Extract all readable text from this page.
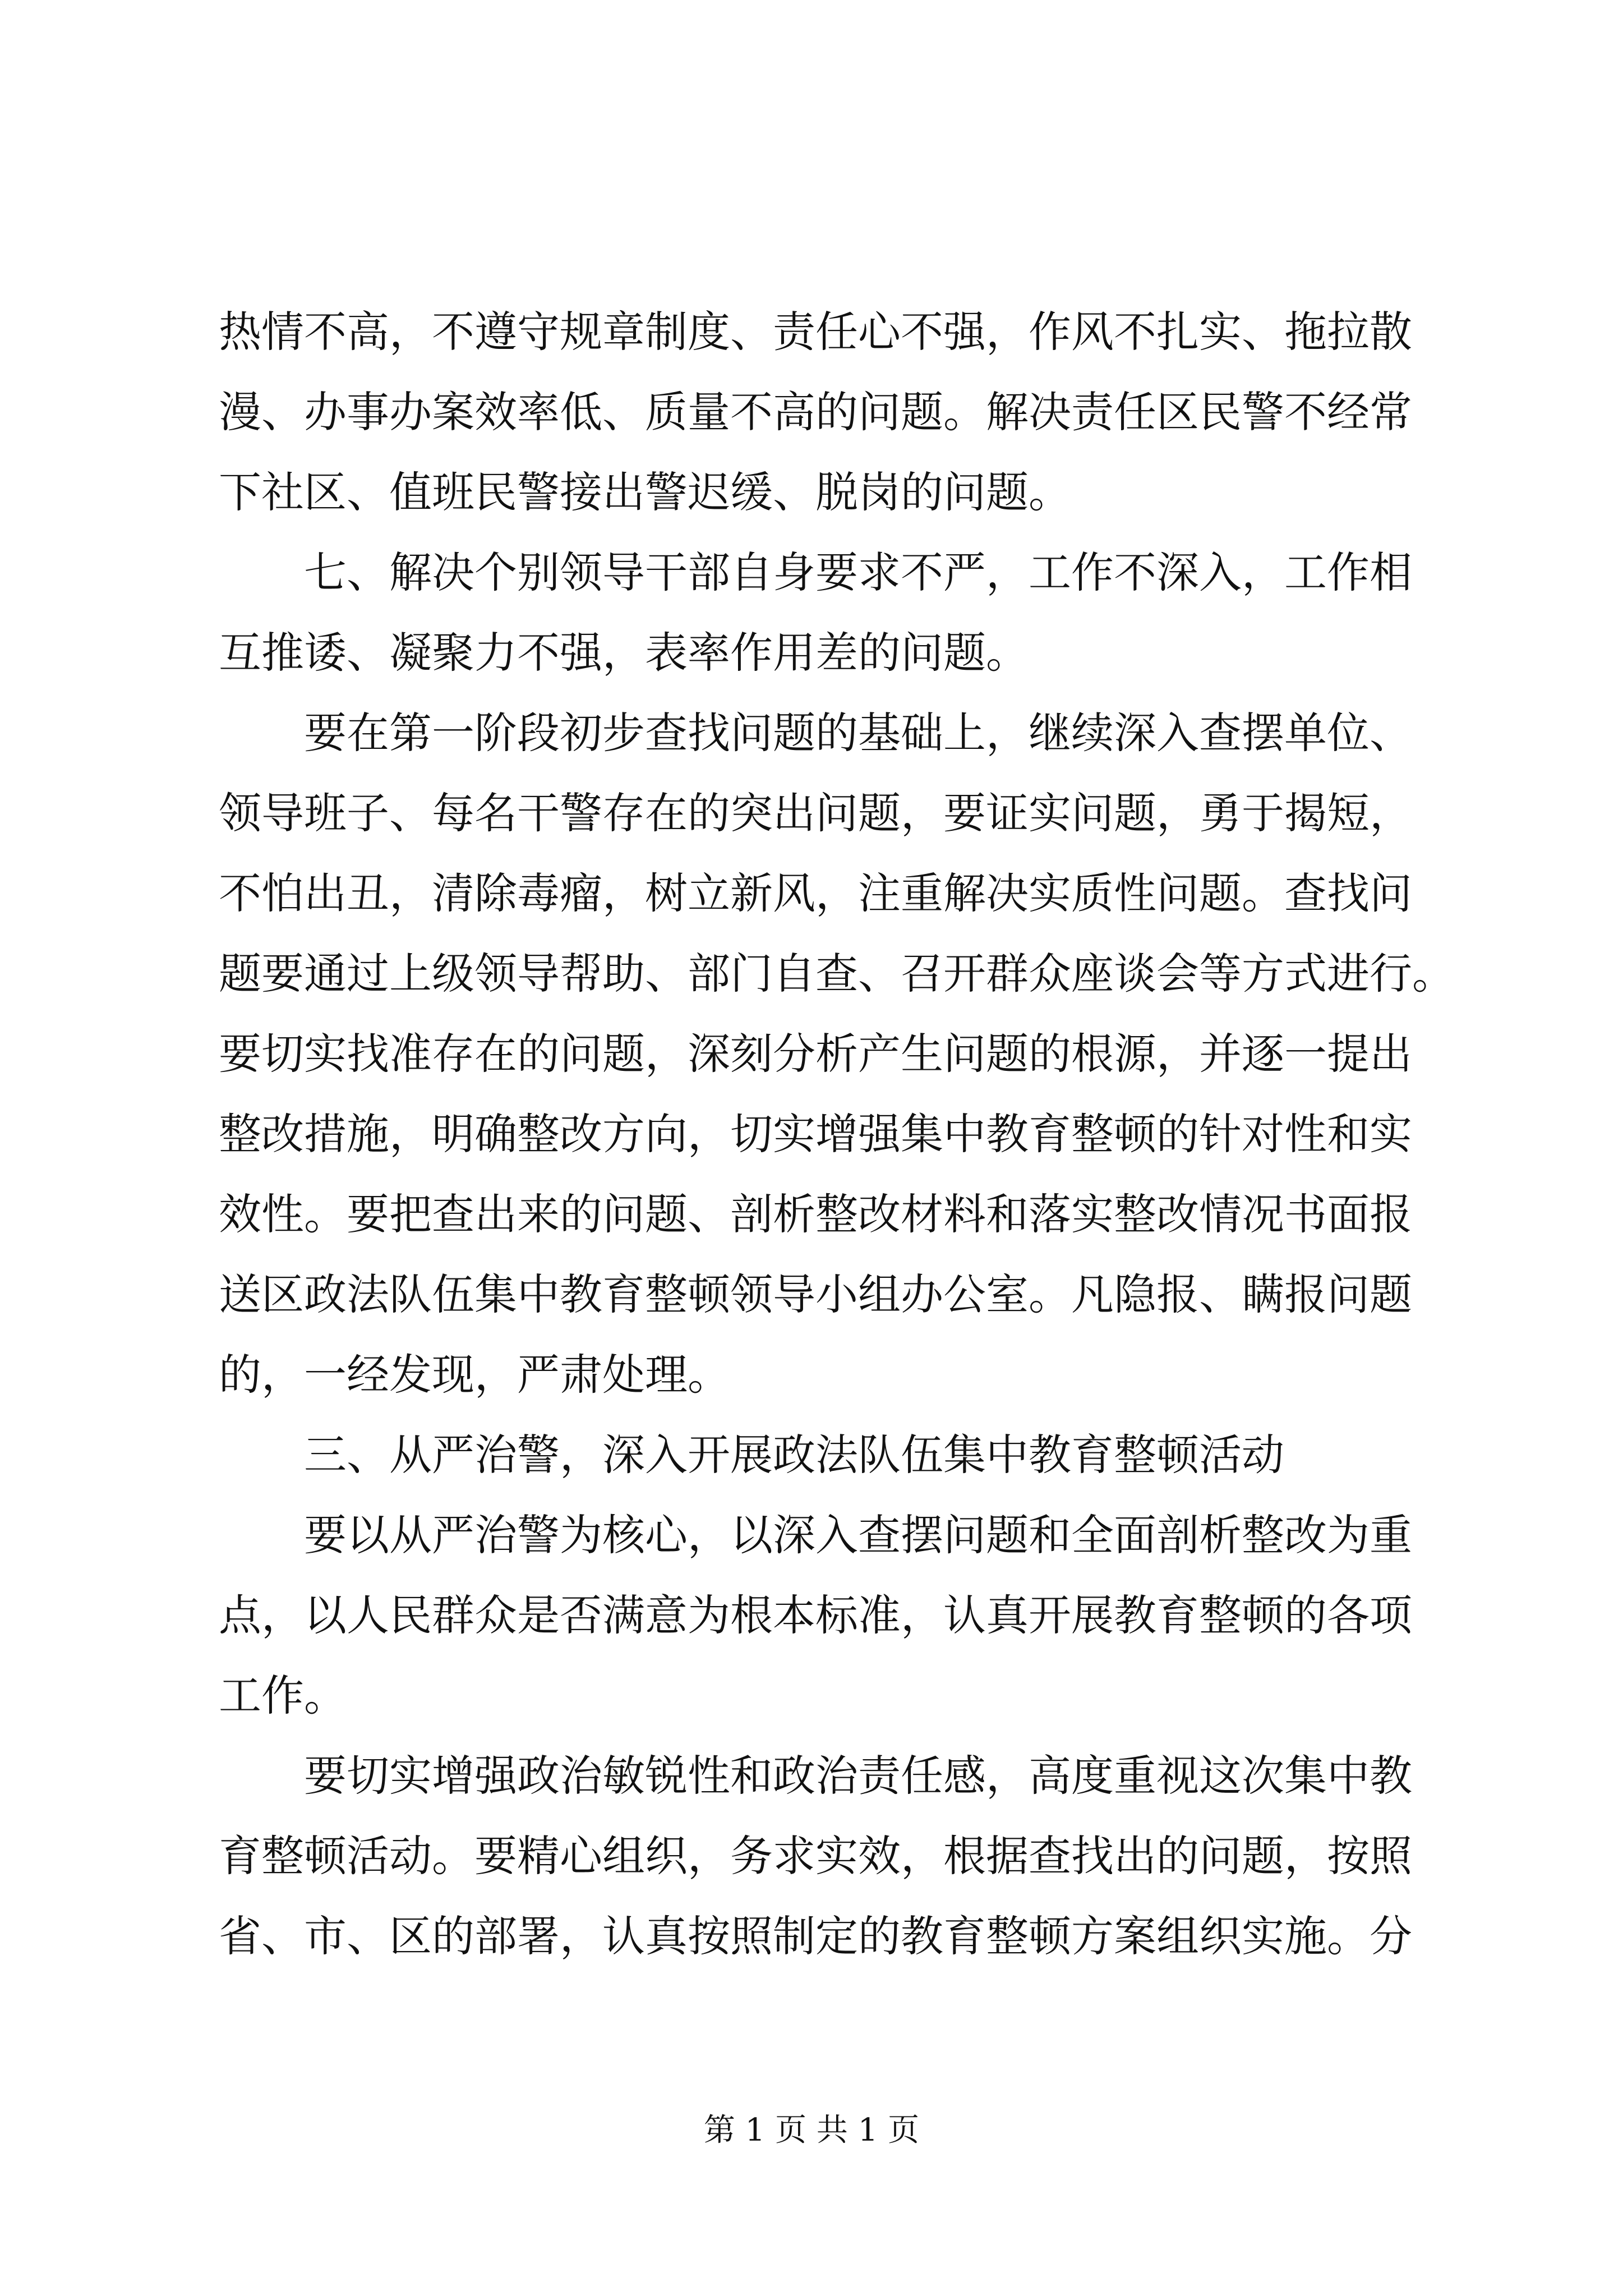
热情不高，不遵守规章制度、责任心不强，作风不扎实、拖拉散
漫、办事办案效率低、质量不高的问题。解决责任区民警不经常
下社区、值班民警接出警迟缓、脱岗的问题。
　　七、解决个别领导干部自身要求不严，工作不深入，工作相
互推诿、凝聚力不强，表率作用差的问题。
　　要在第一阶段初步查找问题的基础上，继续深入查摆单位、
领导班子、每名干警存在的突出问题，要证实问题，勇于揭短，
不怕出丑，清除毒瘤，树立新风，注重解决实质性问题。查找问
题要通过上级领导帮助、部门自查、召开群众座谈会等方式进行。
要切实找准存在的问题，深刻分析产生问题的根源，并逐一提出
整改措施，明确整改方向，切实增强集中教育整顿的针对性和实
效性。要把查出来的问题、剖析整改材料和落实整改情况书面报
送区政法队伍集中教育整顿领导小组办公室。凡隐报、瞒报问题
的，一经发现，严肃处理。
　　三、从严治警，深入开展政法队伍集中教育整顿活动
　　要以从严治警为核心，以深入查摆问题和全面剖析整改为重
点，以人民群众是否满意为根本标准，认真开展教育整顿的各项
工作。
　　要切实增强政治敏锐性和政治责任感，高度重视这次集中教
育整顿活动。要精心组织，务求实效，根据查找出的问题，按照
省、市、区的部署，认真按照制定的教育整顿方案组织实施。分
第 1 页 共 1 页
